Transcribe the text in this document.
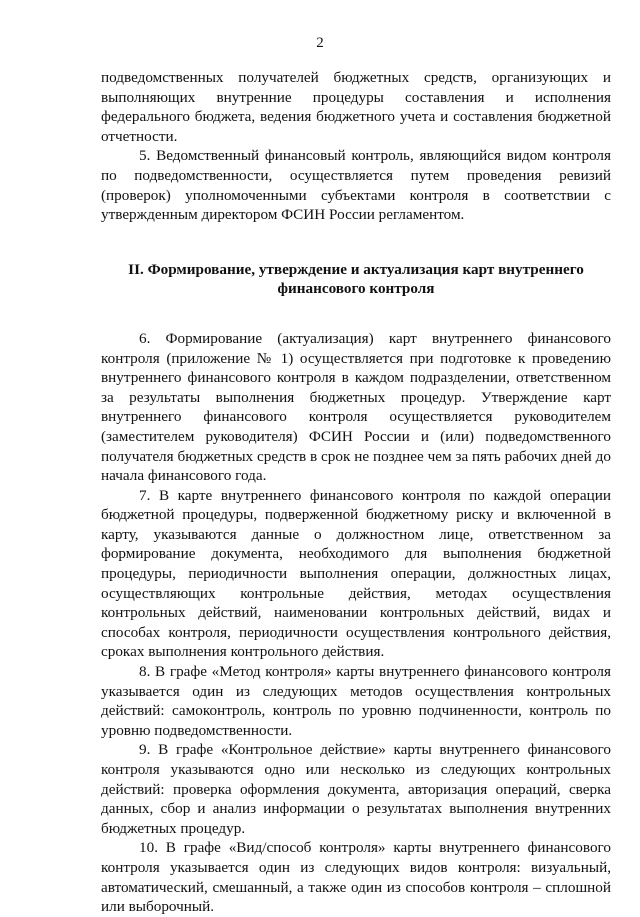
2

подведомственных получателей бюджетных средств, организующих и выполняющих внутренние процедуры составления и исполнения федерального бюджета, ведения бюджетного учета и составления бюджетной отчетности.

5. Ведомственный финансовый контроль, являющийся видом контроля по подведомственности, осуществляется путем проведения ревизий (проверок) уполномоченными субъектами контроля в соответствии с утвержденным директором ФСИН России регламентом.

II. Формирование, утверждение и актуализация карт внутреннего финансового контроля

6. Формирование (актуализация) карт внутреннего финансового контроля (приложение № 1) осуществляется при подготовке к проведению внутреннего финансового контроля в каждом подразделении, ответственном за результаты выполнения бюджетных процедур. Утверждение карт внутреннего финансового контроля осуществляется руководителем (заместителем руководителя) ФСИН России и (или) подведомственного получателя бюджетных средств в срок не позднее чем за пять рабочих дней до начала финансового года.

7. В карте внутреннего финансового контроля по каждой операции бюджетной процедуры, подверженной бюджетному риску и включенной в карту, указываются данные о должностном лице, ответственном за формирование документа, необходимого для выполнения бюджетной процедуры, периодичности выполнения операции, должностных лицах, осуществляющих контрольные действия, методах осуществления контрольных действий, наименовании контрольных действий, видах и способах контроля, периодичности осуществления контрольного действия, сроках выполнения контрольного действия.

8. В графе «Метод контроля» карты внутреннего финансового контроля указывается один из следующих методов осуществления контрольных действий: самоконтроль, контроль по уровню подчиненности, контроль по уровню подведомственности.

9. В графе «Контрольное действие» карты внутреннего финансового контроля указываются одно или несколько из следующих контрольных действий: проверка оформления документа, авторизация операций, сверка данных, сбор и анализ информации о результатах выполнения внутренних бюджетных процедур.

10. В графе «Вид/способ контроля» карты внутреннего финансового контроля указывается один из следующих видов контроля: визуальный, автоматический, смешанный, а также один из способов контроля – сплошной или выборочный.
